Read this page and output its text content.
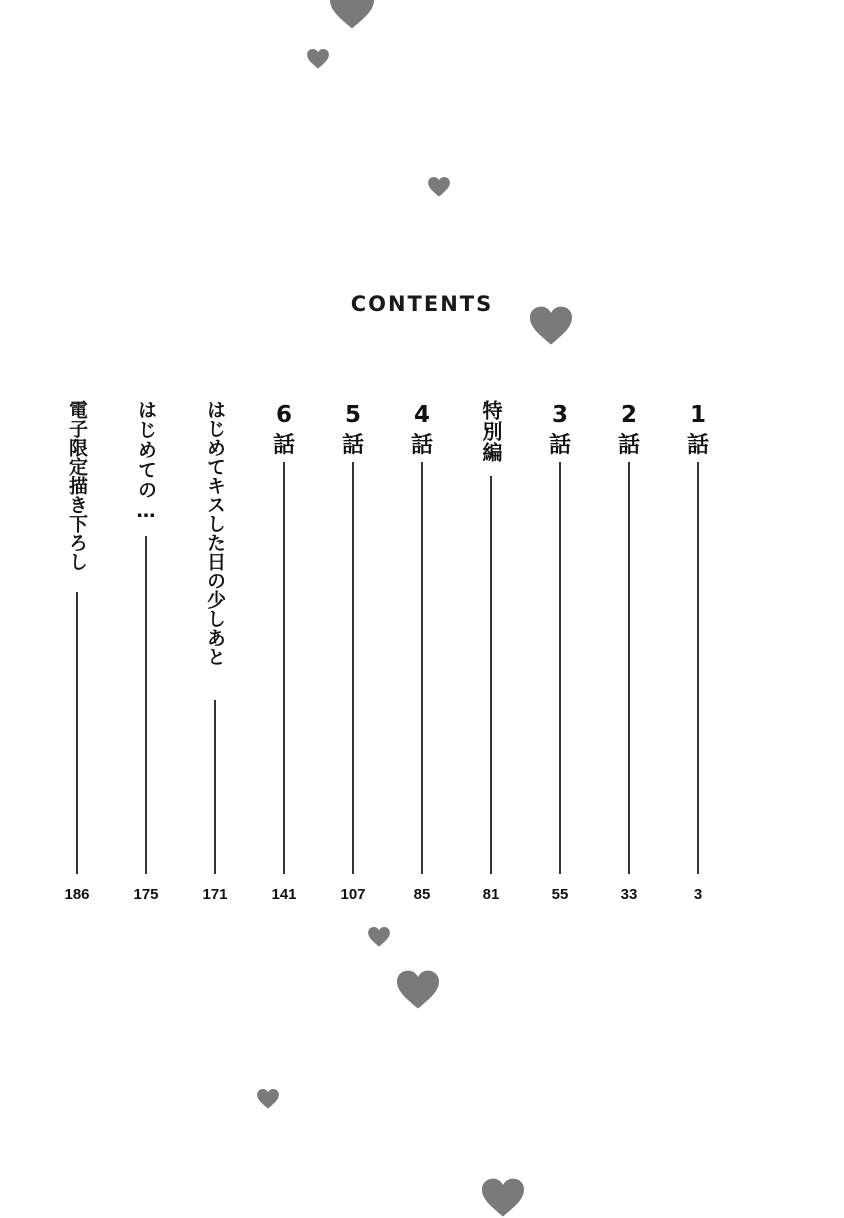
CONTENTS
1
話
3
2
話
33
3
話
55
特別編
81
4
話
85
5
話
107
6
話
141
はじめてキスした日の少しあと
171
はじめての…
175
電子限定描き下ろし
186
